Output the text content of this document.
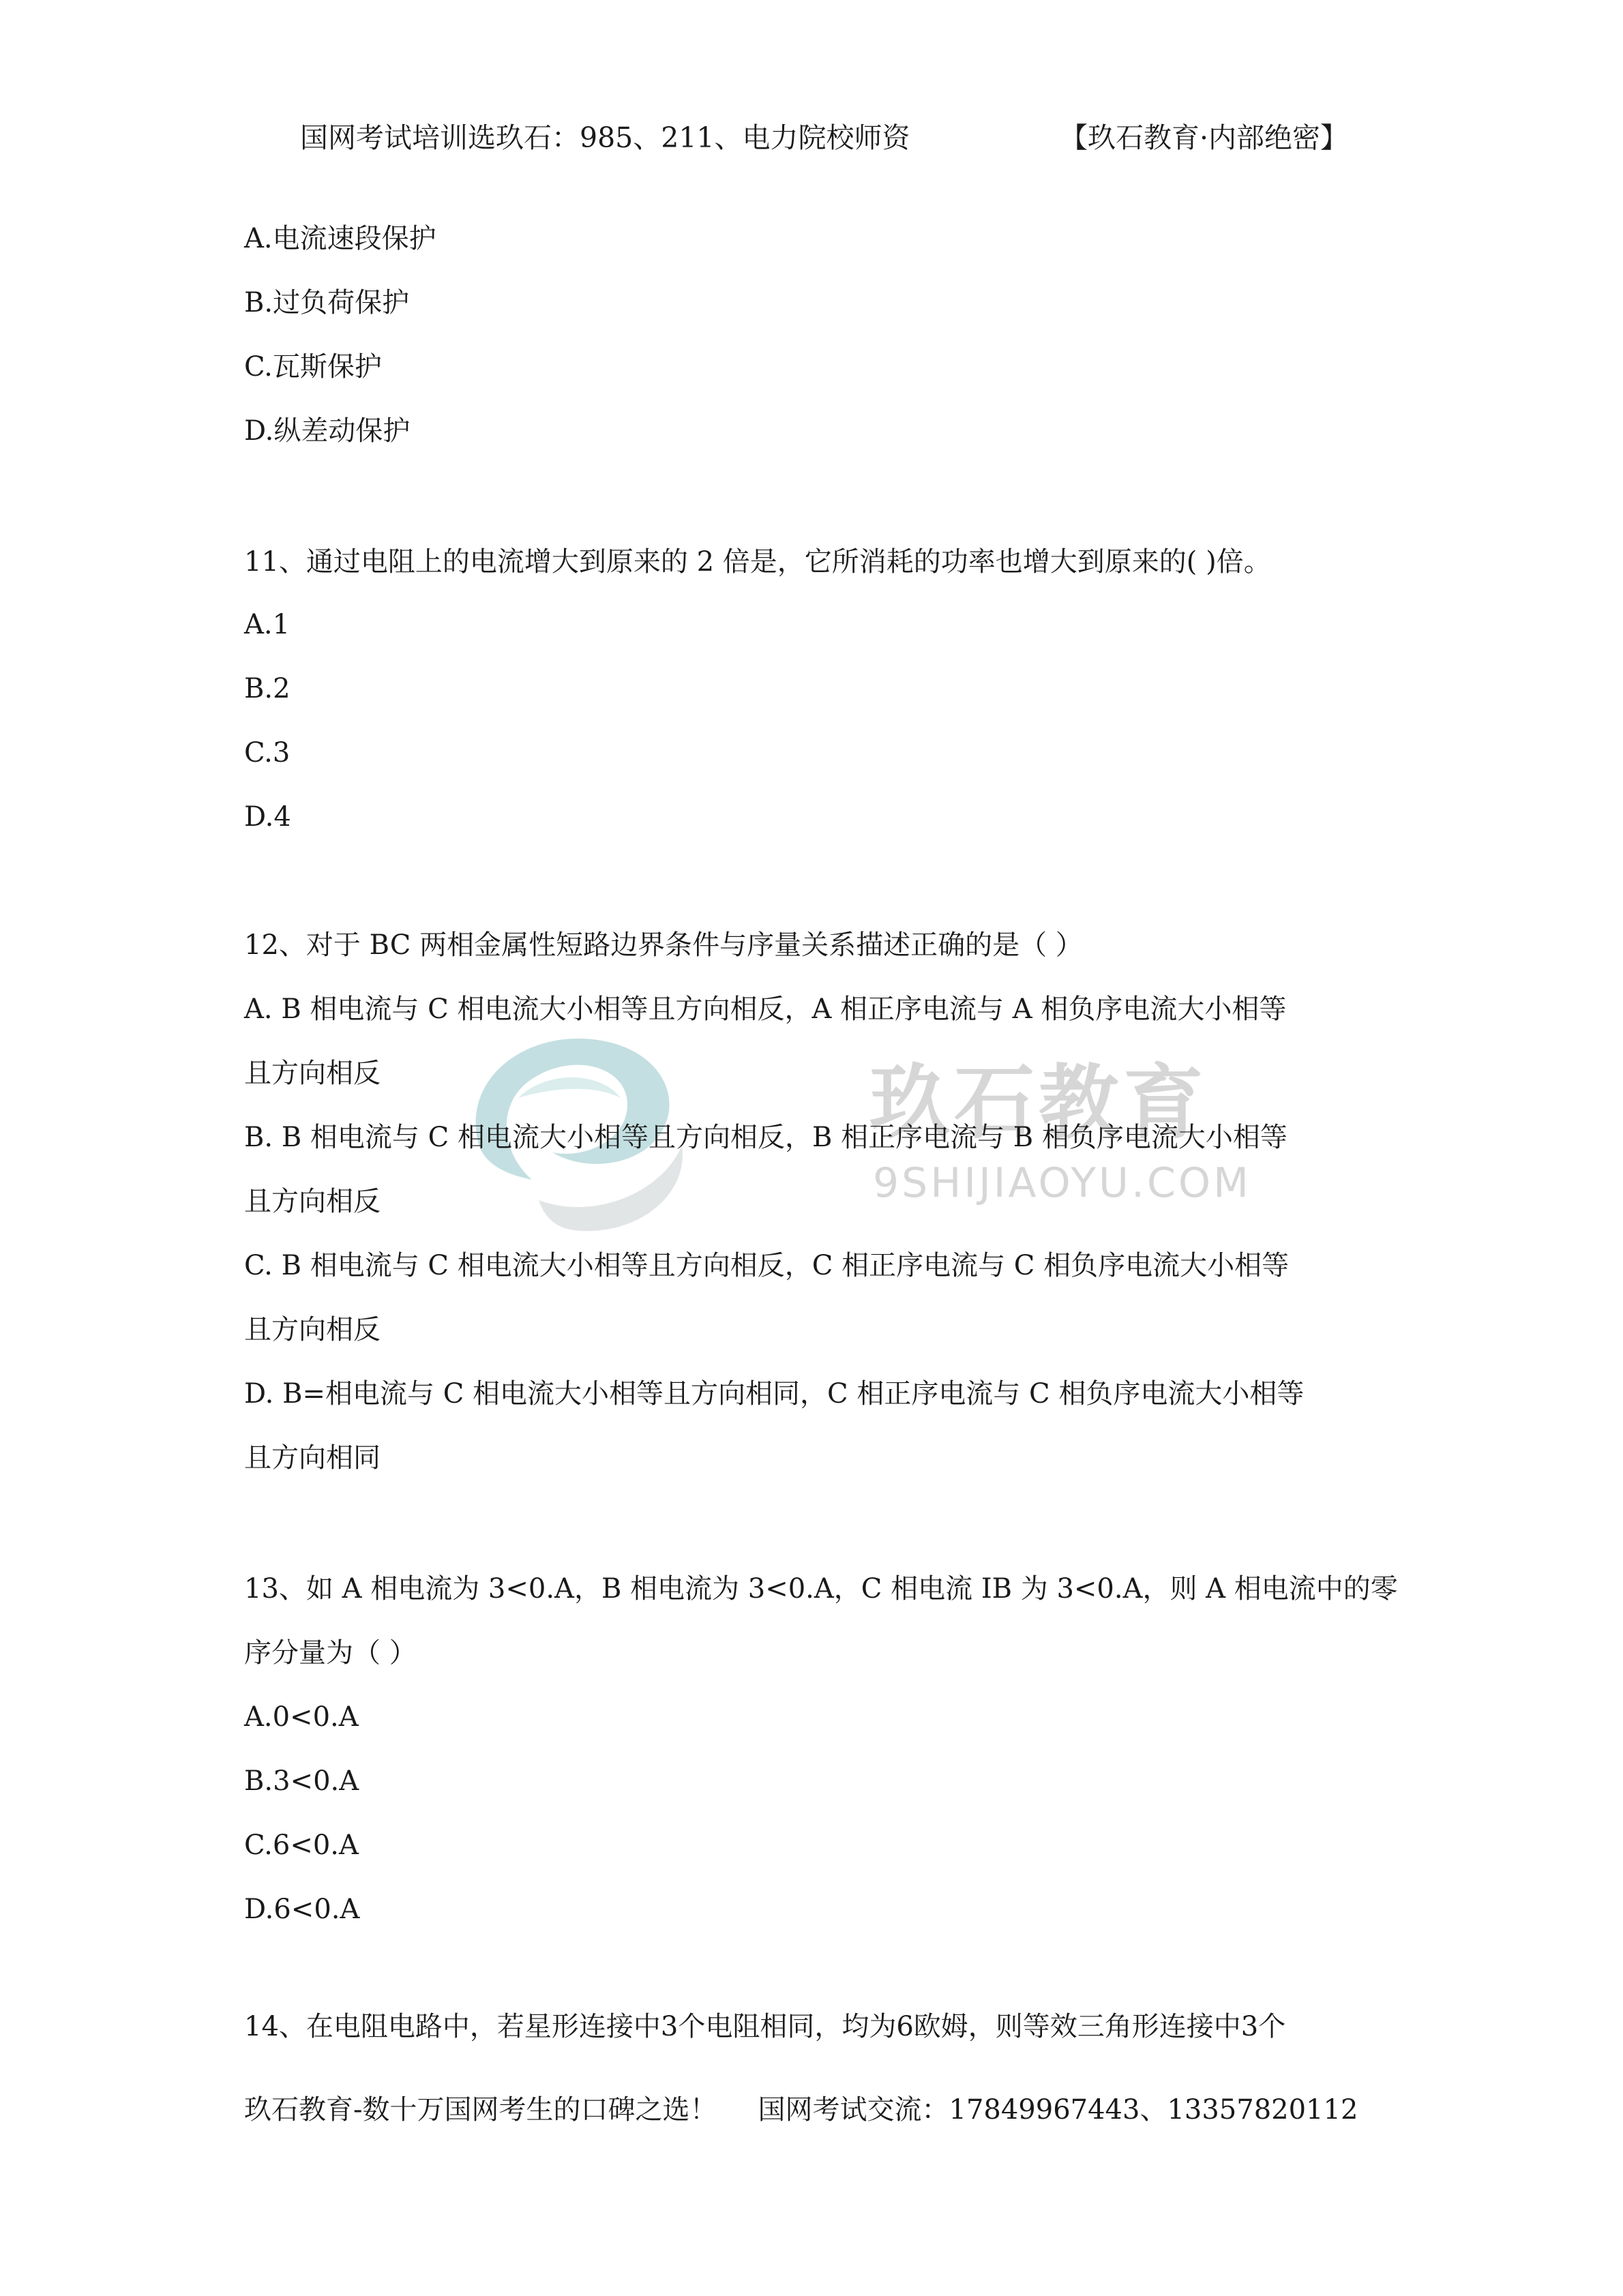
玖石教育
9SHIJIAOYU.COM
国网考试培训选玖石：985、211、电力院校师资	【玖石教育·内部绝密】
A.电流速段保护
B.过负荷保护
C.瓦斯保护
D.纵差动保护
11、通过电阻上的电流增大到原来的 2 倍是，它所消耗的功率也增大到原来的( )倍。
A.1
B.2
C.3
D.4
12、对于 BC 两相金属性短路边界条件与序量关系描述正确的是（ ）
A. B 相电流与 C 相电流大小相等且方向相反，A 相正序电流与 A 相负序电流大小相等
且方向相反
B. B 相电流与 C 相电流大小相等且方向相反，B 相正序电流与 B 相负序电流大小相等
且方向相反
C. B 相电流与 C 相电流大小相等且方向相反，C 相正序电流与 C 相负序电流大小相等
且方向相反
D. B=相电流与 C 相电流大小相等且方向相同，C 相正序电流与 C 相负序电流大小相等
且方向相同
13、如 A 相电流为 3<0.A，B 相电流为 3<0.A，C 相电流 IB 为 3<0.A，则 A 相电流中的零
序分量为（ ）
A.0<0.A
B.3<0.A
C.6<0.A
D.6<0.A
14、在电阻电路中，若星形连接中3个电阻相同，均为6欧姆，则等效三角形连接中3个
玖石教育-数十万国网考生的口碑之选！ 国网考试交流：17849967443、13357820112
